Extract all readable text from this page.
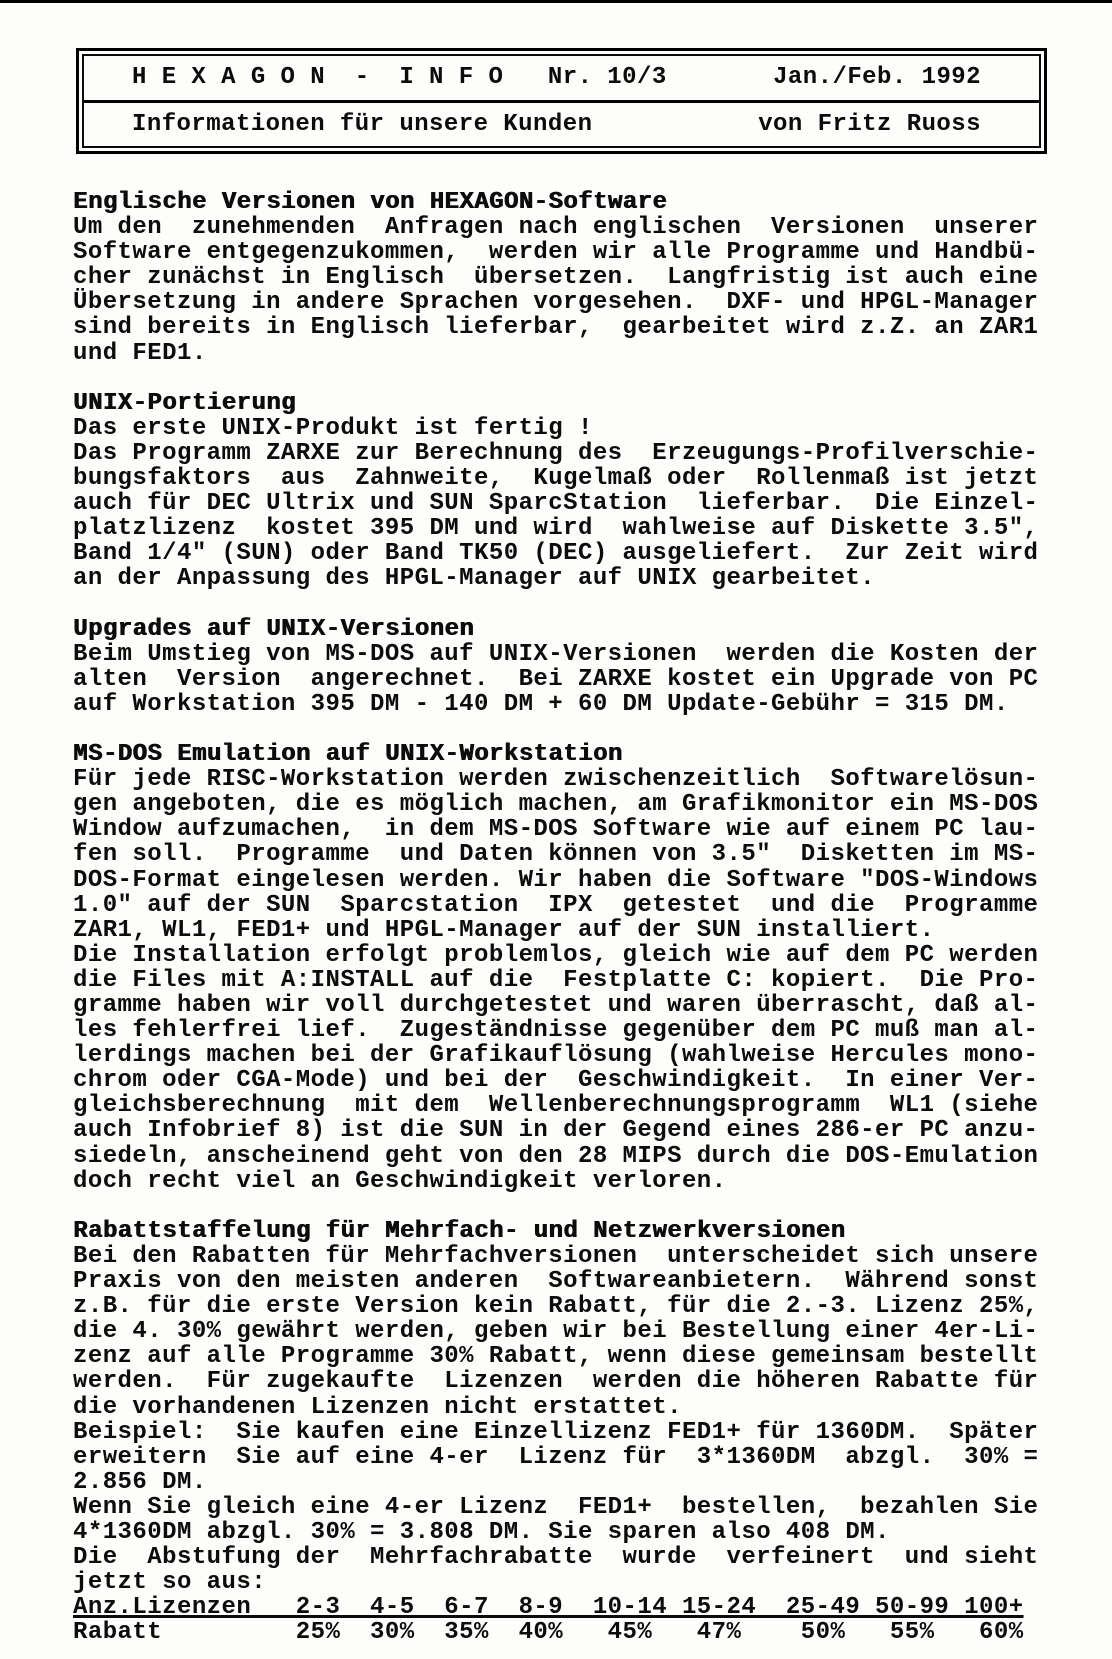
H E X A G O N  -  I N F O   Nr. 10/3	Jan./Feb. 1992
Informationen für unsere Kunden	von Fritz Ruoss
Englische Versionen von HEXAGON-Software
Um den  zunehmenden  Anfragen nach englischen  Versionen  unserer
Software entgegenzukommen,  werden wir alle Programme und Handbü-
cher zunächst in Englisch  übersetzen.  Langfristig ist auch eine
Übersetzung in andere Sprachen vorgesehen.  DXF- und HPGL-Manager
sind bereits in Englisch lieferbar,  gearbeitet wird z.Z. an ZAR1
und FED1.

UNIX-Portierung
Das erste UNIX-Produkt ist fertig !
Das Programm ZARXE zur Berechnung des  Erzeugungs-Profilverschie-
bungsfaktors  aus  Zahnweite,  Kugelmaß oder  Rollenmaß ist jetzt
auch für DEC Ultrix und SUN SparcStation  lieferbar.  Die Einzel-
platzlizenz  kostet 395 DM und wird  wahlweise auf Diskette 3.5",
Band 1/4" (SUN) oder Band TK50 (DEC) ausgeliefert.  Zur Zeit wird
an der Anpassung des HPGL-Manager auf UNIX gearbeitet.

Upgrades auf UNIX-Versionen
Beim Umstieg von MS-DOS auf UNIX-Versionen  werden die Kosten der
alten  Version  angerechnet.  Bei ZARXE kostet ein Upgrade von PC
auf Workstation 395 DM - 140 DM + 60 DM Update-Gebühr = 315 DM.

MS-DOS Emulation auf UNIX-Workstation
Für jede RISC-Workstation werden zwischenzeitlich  Softwarelösun-
gen angeboten, die es möglich machen, am Grafikmonitor ein MS-DOS
Window aufzumachen,  in dem MS-DOS Software wie auf einem PC lau-
fen soll.  Programme  und Daten können von 3.5"  Disketten im MS-
DOS-Format eingelesen werden. Wir haben die Software "DOS-Windows
1.0" auf der SUN  Sparcstation  IPX  getestet  und die  Programme
ZAR1, WL1, FED1+ und HPGL-Manager auf der SUN installiert.
Die Installation erfolgt problemlos, gleich wie auf dem PC werden
die Files mit A:INSTALL auf die  Festplatte C: kopiert.  Die Pro-
gramme haben wir voll durchgetestet und waren überrascht, daß al-
les fehlerfrei lief.  Zugeständnisse gegenüber dem PC muß man al-
lerdings machen bei der Grafikauflösung (wahlweise Hercules mono-
chrom oder CGA-Mode) und bei der  Geschwindigkeit.  In einer Ver-
gleichsberechnung  mit dem  Wellenberechnungsprogramm  WL1 (siehe
auch Infobrief 8) ist die SUN in der Gegend eines 286-er PC anzu-
siedeln, anscheinend geht von den 28 MIPS durch die DOS-Emulation
doch recht viel an Geschwindigkeit verloren.

Rabattstaffelung für Mehrfach- und Netzwerkversionen
Bei den Rabatten für Mehrfachversionen  unterscheidet sich unsere
Praxis von den meisten anderen  Softwareanbietern.  Während sonst
z.B. für die erste Version kein Rabatt, für die 2.-3. Lizenz 25%,
die 4. 30% gewährt werden, geben wir bei Bestellung einer 4er-Li-
zenz auf alle Programme 30% Rabatt, wenn diese gemeinsam bestellt
werden.  Für zugekaufte  Lizenzen  werden die höheren Rabatte für
die vorhandenen Lizenzen nicht erstattet.
Beispiel:  Sie kaufen eine Einzellizenz FED1+ für 1360DM.  Später
erweitern  Sie auf eine 4-er  Lizenz für  3*1360DM  abzgl.  30% =
2.856 DM.
Wenn Sie gleich eine 4-er Lizenz  FED1+  bestellen,  bezahlen Sie
4*1360DM abzgl. 30% = 3.808 DM. Sie sparen also 408 DM.
Die  Abstufung der  Mehrfachrabatte  wurde  verfeinert  und sieht
jetzt so aus:
Anz.Lizenzen   2-3  4-5  6-7  8-9  10-14 15-24  25-49 50-99 100+
Rabatt         25%  30%  35%  40%   45%   47%    50%   55%   60%
